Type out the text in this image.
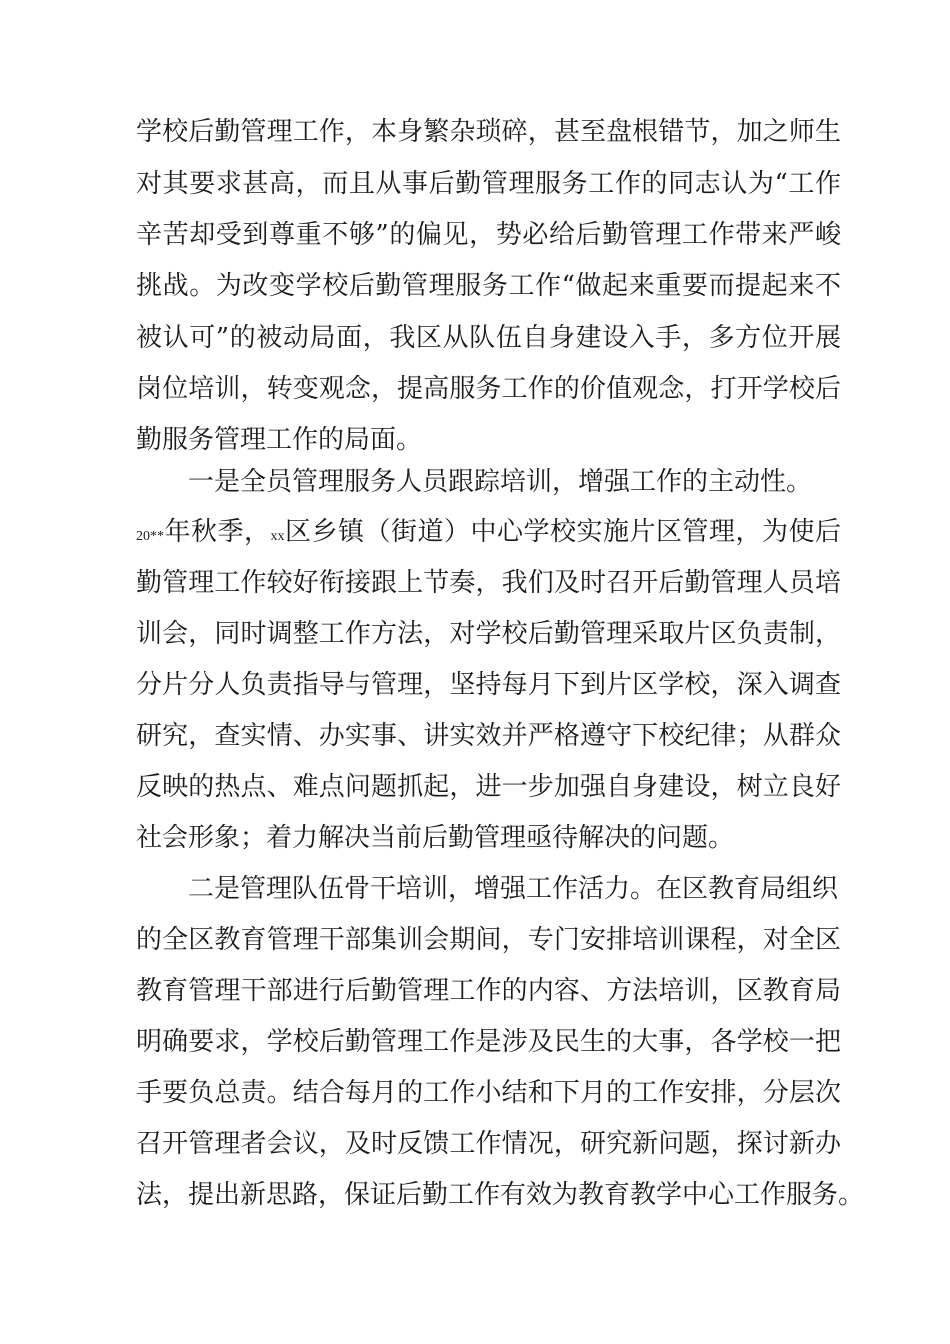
学校后勤管理工作，本身繁杂琐碎，甚至盘根错节，加之师生
对其要求甚高，而且从事后勤管理服务工作的同志认为“工作
辛苦却受到尊重不够”的偏见，势必给后勤管理工作带来严峻
挑战。为改变学校后勤管理服务工作“做起来重要而提起来不
被认可”的被动局面，我区从队伍自身建设入手，多方位开展
岗位培训，转变观念，提高服务工作的价值观念，打开学校后
勤服务管理工作的局面。
一是全员管理服务人员跟踪培训，增强工作的主动性。
20**年秋季，xx区乡镇（街道）中心学校实施片区管理，为使后
勤管理工作较好衔接跟上节奏，我们及时召开后勤管理人员培
训会，同时调整工作方法，对学校后勤管理采取片区负责制，
分片分人负责指导与管理，坚持每月下到片区学校，深入调查
研究，查实情、办实事、讲实效并严格遵守下校纪律；从群众
反映的热点、难点问题抓起，进一步加强自身建设，树立良好
社会形象；着力解决当前后勤管理亟待解决的问题。
二是管理队伍骨干培训，增强工作活力。在区教育局组织
的全区教育管理干部集训会期间，专门安排培训课程，对全区
教育管理干部进行后勤管理工作的内容、方法培训，区教育局
明确要求，学校后勤管理工作是涉及民生的大事，各学校一把
手要负总责。结合每月的工作小结和下月的工作安排，分层次
召开管理者会议，及时反馈工作情况，研究新问题，探讨新办
法，提出新思路，保证后勤工作有效为教育教学中心工作服务。
